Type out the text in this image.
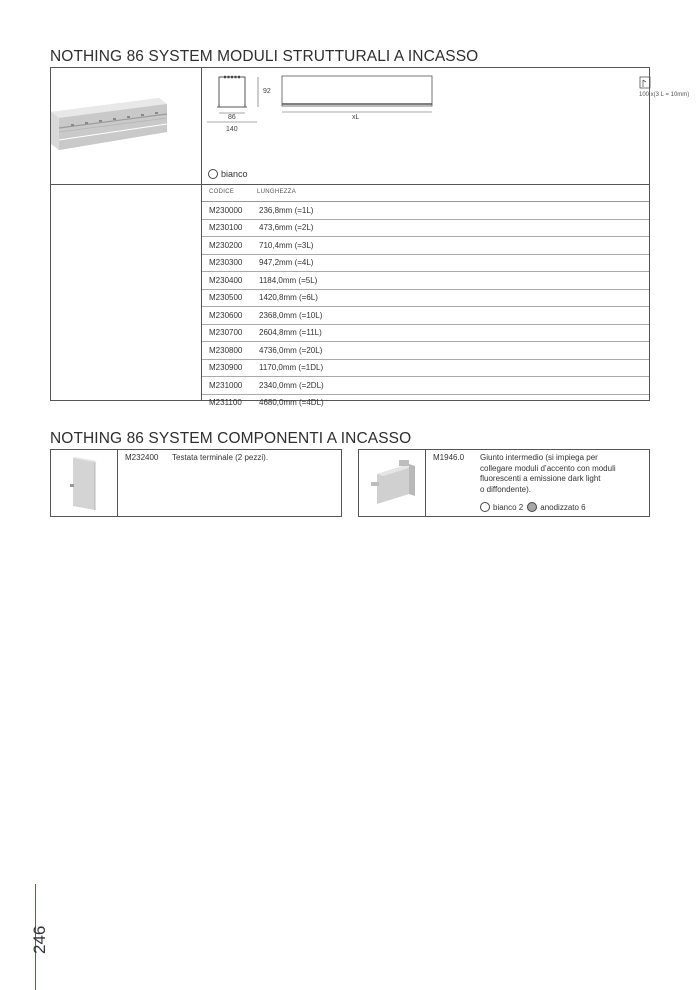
NOTHING 86 SYSTEM MODULI STRUTTURALI A INCASSO
92
86
140
xL
100 x(3 L = 10mm)
bianco
CODICE	LUNGHEZZA
M230000 236,8mm (=1L)
M230100 473,6mm (=2L)
M230200 710,4mm (=3L)
M230300 947,2mm (=4L)
M230400 1184,0mm (=5L)
M230500 1420,8mm (=6L)
M230600 2368,0mm (=10L)
M230700 2604,8mm (=11L)
M230800 4736,0mm (=20L)
M230900 1170,0mm (=1DL)
M231000 2340,0mm (=2DL)
M231100 4680,0mm (=4DL)
NOTHING 86 SYSTEM COMPONENTI A INCASSO
M232400 Testata terminale (2 pezzi).	M1946.0 Giunto intermedio (si impiega per
collegare moduli d’accento con moduli
fluorescenti a emissione dark light
o diffondente).
bianco 2 anodizzato 6
246
